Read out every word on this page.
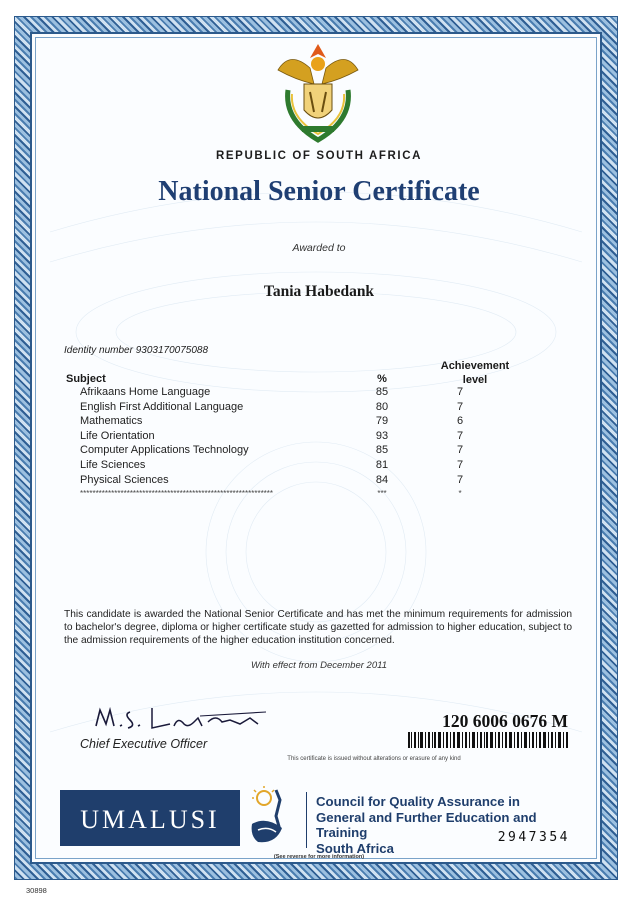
REPUBLIC OF SOUTH AFRICA
National Senior Certificate
Awarded to
Tania Habedank
Identity number 9303170075088
Subject	%
Achievement
level
Afrikaans Home Language	85	7
English First Additional Language	80	7
Mathematics	79	6
Life Orientation	93	7
Computer Applications Technology	85	7
Life Sciences	81	7
Physical Sciences	84	7
**************************************************************	***	*
This candidate is awarded the National Senior Certificate and has met the minimum requirements for admission to bachelor's degree, diploma or higher certificate study as gazetted for admission to higher education, subject to the admission requirements of the higher education institution concerned.
With effect from December 2011
Chief Executive Officer
This certificate is issued without alterations or erasure of any kind
120 6006 0676 M
UMALUSI
Council for Quality Assurance in
General and Further Education and Training
South Africa
2947354
(See reverse for more information)
30898
